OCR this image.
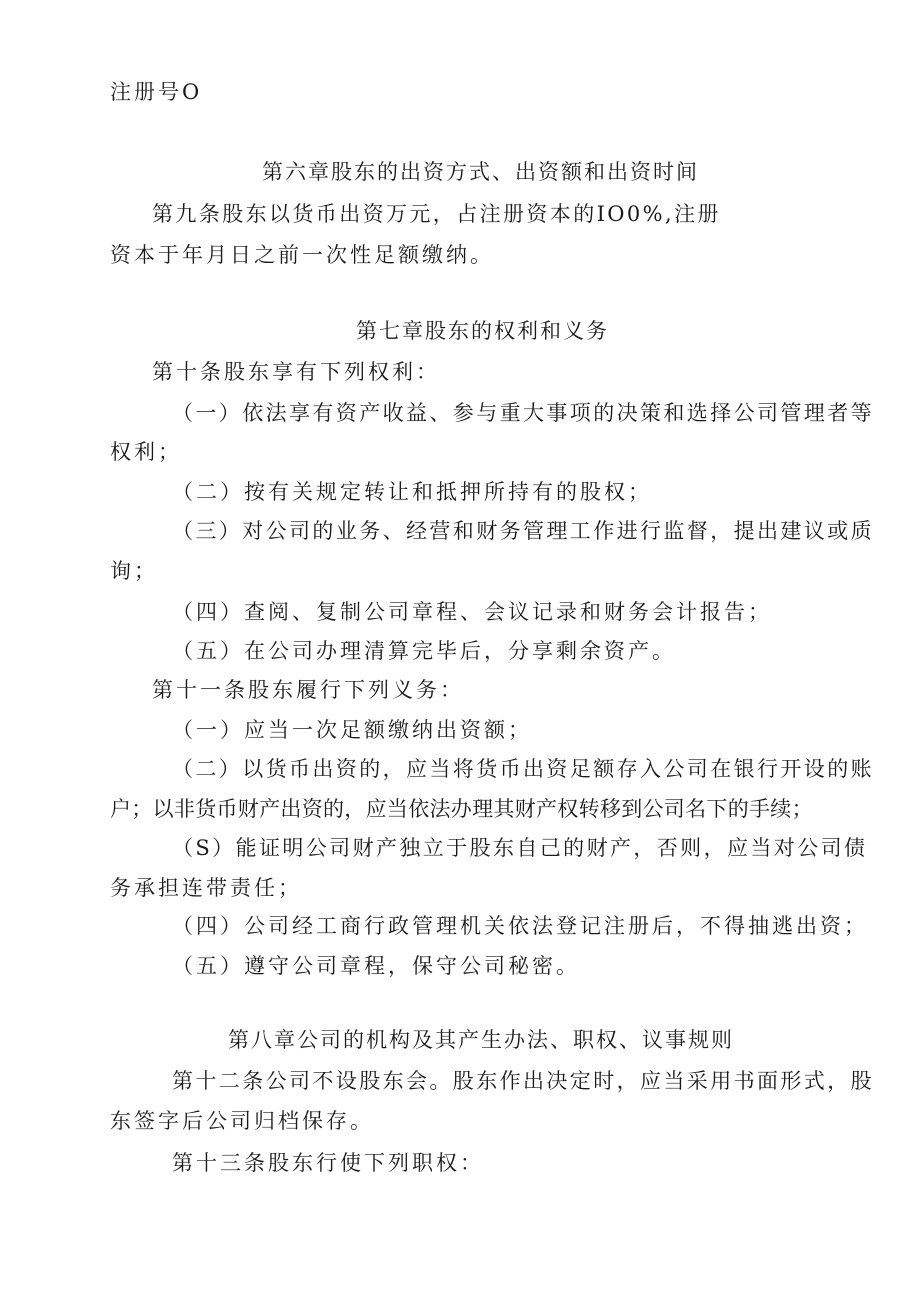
注册号O

第六章股东的出资方式、出资额和出资时间

第九条股东以货币出资万元，占注册资本的IO0%,注册

资本于年月日之前一次性足额缴纳。

第七章股东的权利和义务

第十条股东享有下列权利：

（一）依法享有资产收益、参与重大事项的决策和选择公司管理者等

权利；

（二）按有关规定转让和抵押所持有的股权；

（三）对公司的业务、经营和财务管理工作进行监督，提出建议或质

询；

（四）查阅、复制公司章程、会议记录和财务会计报告；

（五）在公司办理清算完毕后，分享剩余资产。

第十一条股东履行下列义务：

（一）应当一次足额缴纳出资额；

（二）以货币出资的，应当将货币出资足额存入公司在银行开设的账

户；以非货币财产出资的，应当依法办理其财产权转移到公司名下的手续；

（S）能证明公司财产独立于股东自己的财产，否则，应当对公司债

务承担连带责任；

（四）公司经工商行政管理机关依法登记注册后，不得抽逃出资；

（五）遵守公司章程，保守公司秘密。

第八章公司的机构及其产生办法、职权、议事规则

第十二条公司不设股东会。股东作出决定时，应当采用书面形式，股

东签字后公司归档保存。

第十三条股东行使下列职权：
